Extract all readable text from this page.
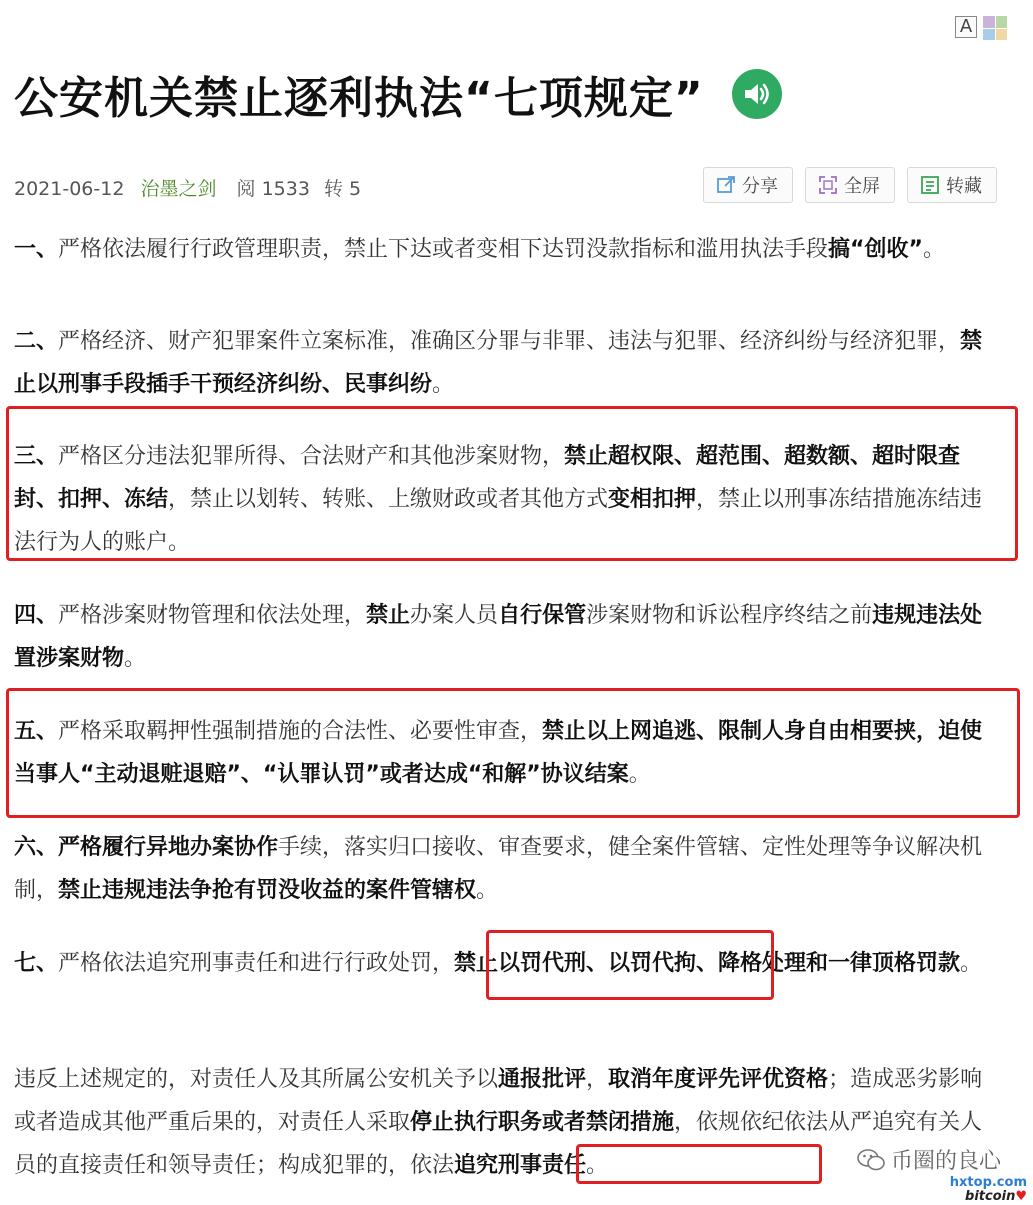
A
公安机关禁止逐利执法“七项规定”
2021-06-12 治墨之剑 阅 1533 转 5	分享	全屏	转藏
一、严格依法履行行政管理职责，禁止下达或者变相下达罚没款指标和滥用执法手段搞“创收”。
二、严格经济、财产犯罪案件立案标准，准确区分罪与非罪、违法与犯罪、经济纠纷与经济犯罪，禁止以刑事手段插手干预经济纠纷、民事纠纷。
三、严格区分违法犯罪所得、合法财产和其他涉案财物，禁止超权限、超范围、超数额、超时限查封、扣押、冻结，禁止以划转、转账、上缴财政或者其他方式变相扣押，禁止以刑事冻结措施冻结违法行为人的账户。
四、严格涉案财物管理和依法处理，禁止办案人员自行保管涉案财物和诉讼程序终结之前违规违法处置涉案财物。
五、严格采取羁押性强制措施的合法性、必要性审查，禁止以上网追逃、限制人身自由相要挟，迫使当事人“主动退赃退赔”、“认罪认罚”或者达成“和解”协议结案。
六、严格履行异地办案协作手续，落实归口接收、审查要求，健全案件管辖、定性处理等争议解决机制，禁止违规违法争抢有罚没收益的案件管辖权。
七、严格依法追究刑事责任和进行行政处罚，禁止以罚代刑、以罚代拘、降格处理和一律顶格罚款。
违反上述规定的，对责任人及其所属公安机关予以通报批评，取消年度评先评优资格；造成恶劣影响或者造成其他严重后果的，对责任人采取停止执行职务或者禁闭措施，依规依纪依法从严追究有关人员的直接责任和领导责任；构成犯罪的，依法追究刑事责任。	币圈的良心
hxtop.com
bitcoin♥
